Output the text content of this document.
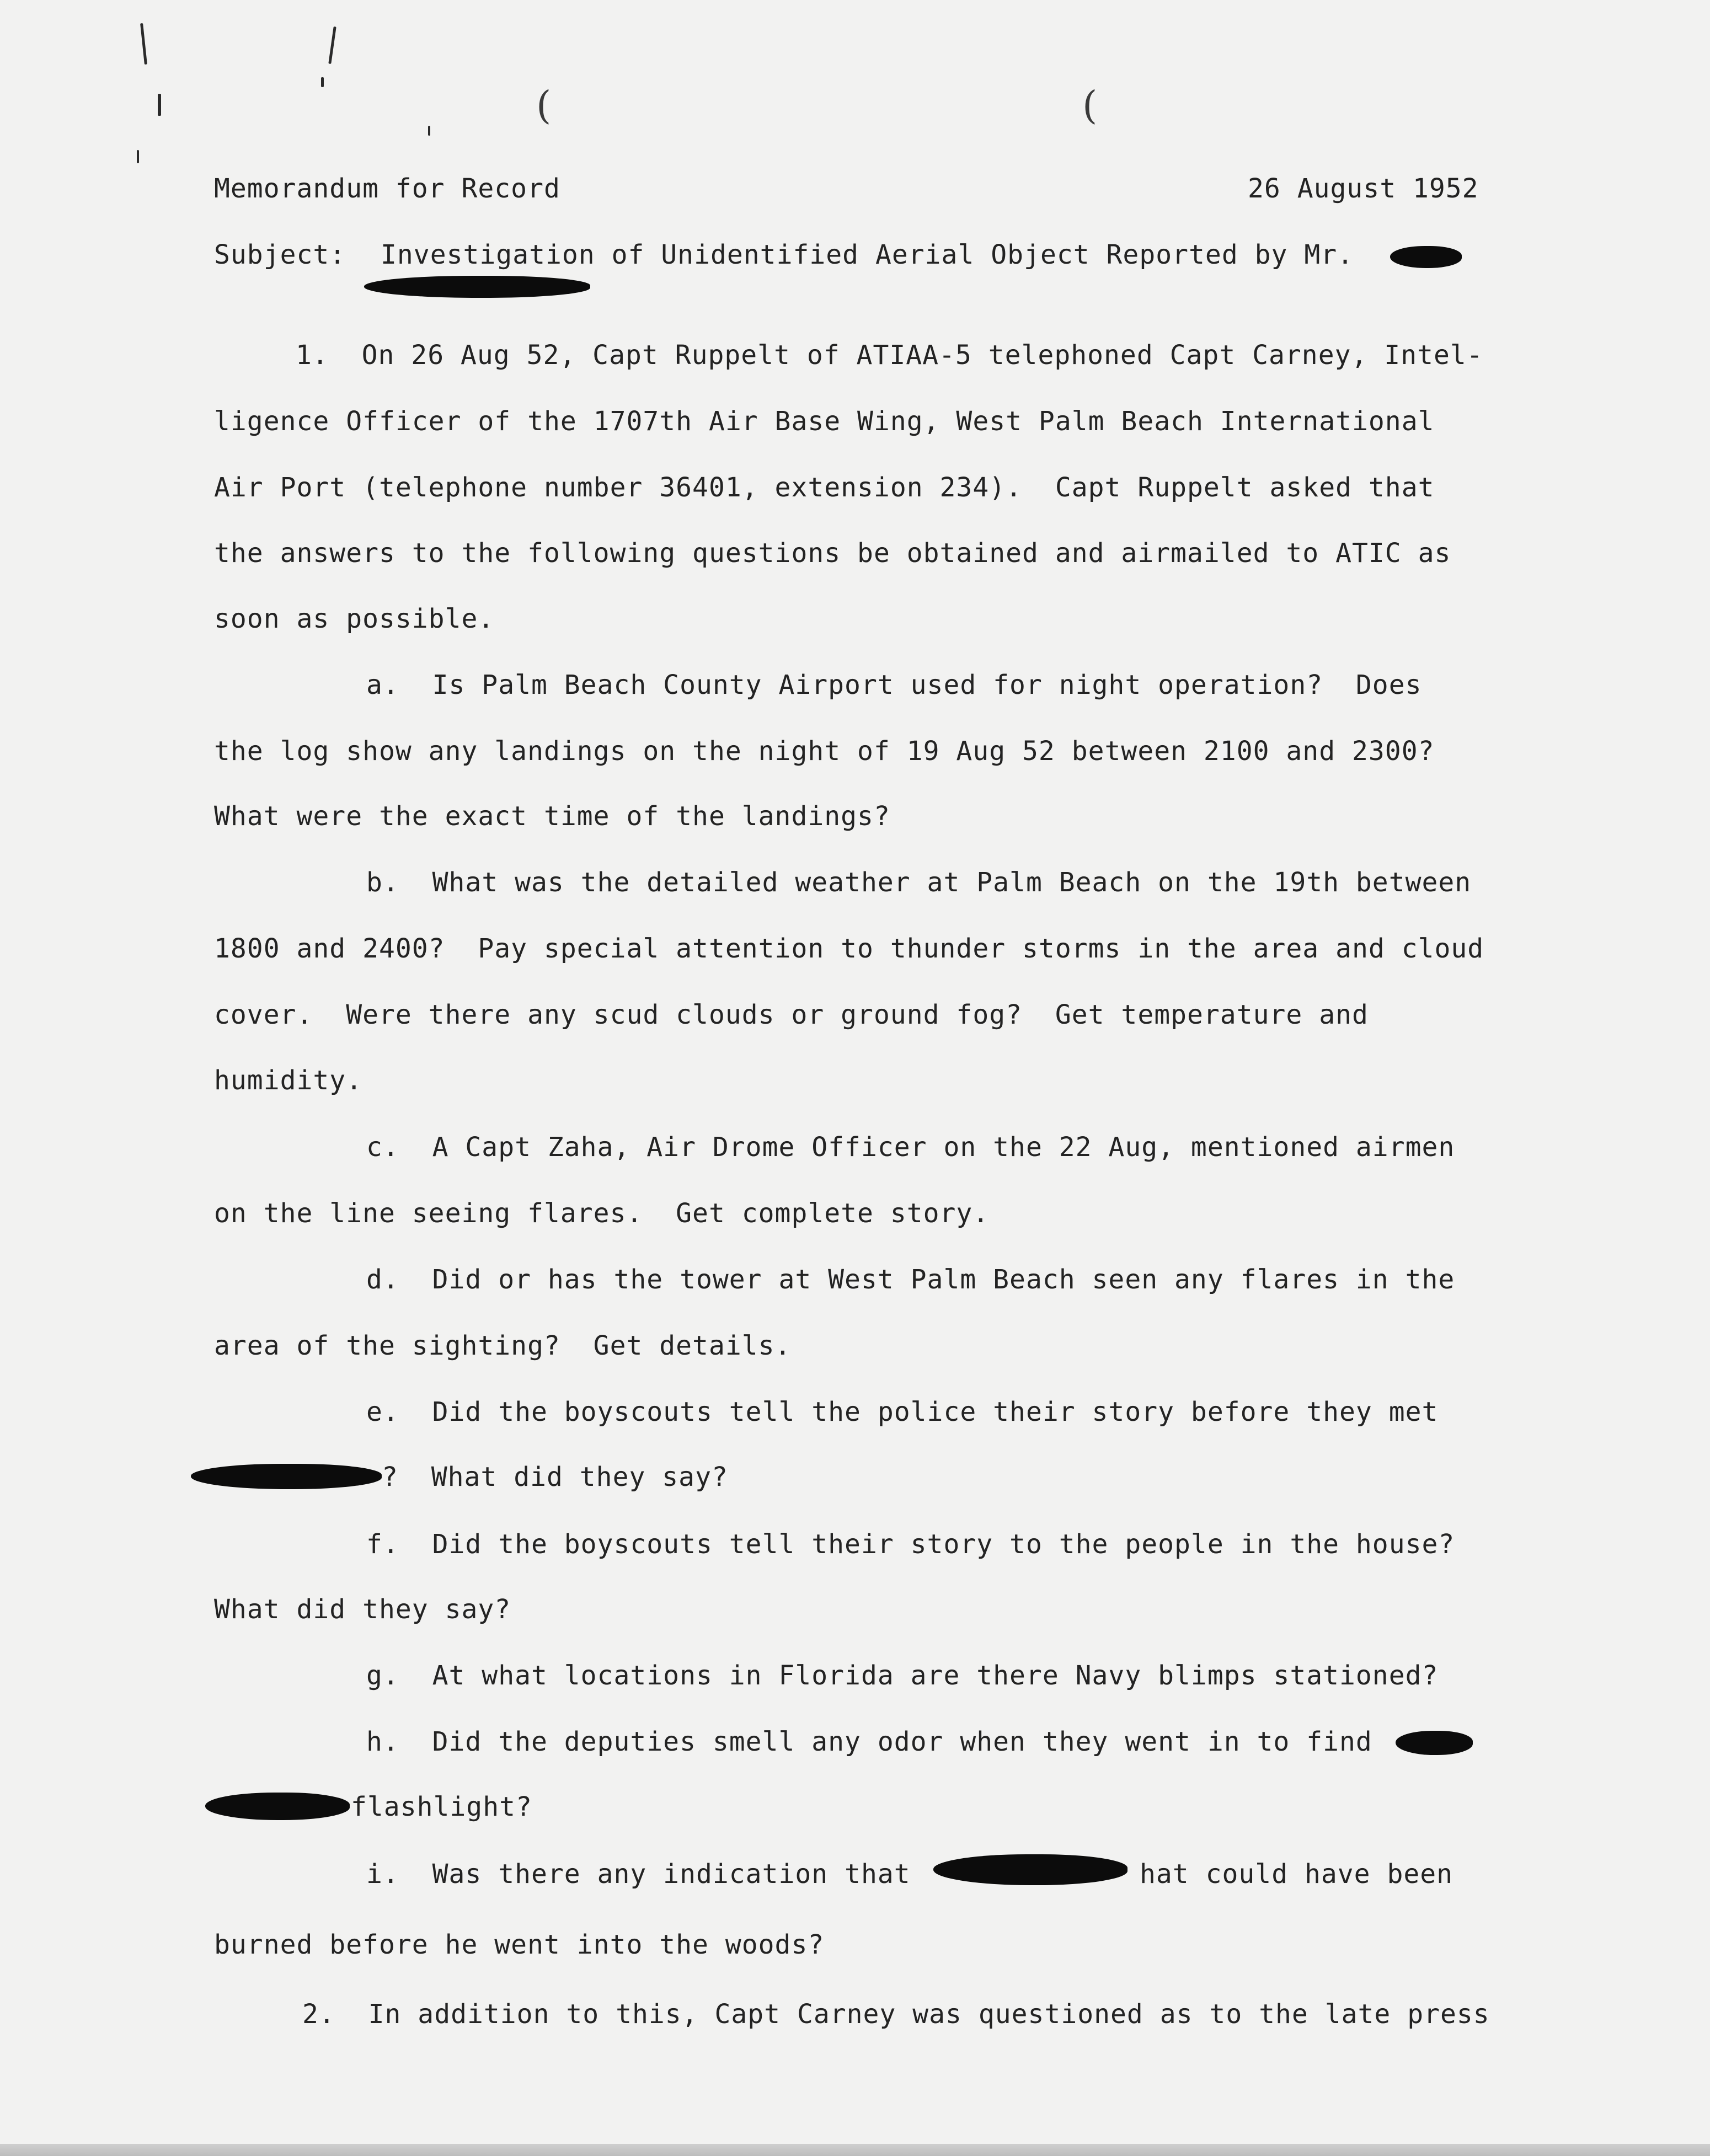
(	(
Memorandum for Record	26 August 1952
Subject: Investigation of Unidentified Aerial Object Reported by Mr.
1.  On 26 Aug 52, Capt Ruppelt of ATIAA-5 telephoned Capt Carney, Intel-
ligence Officer of the 1707th Air Base Wing, West Palm Beach International
Air Port (telephone number 36401, extension 234).  Capt Ruppelt asked that
the answers to the following questions be obtained and airmailed to ATIC as
soon as possible.
a.  Is Palm Beach County Airport used for night operation?  Does
the log show any landings on the night of 19 Aug 52 between 2100 and 2300?
What were the exact time of the landings?
b.  What was the detailed weather at Palm Beach on the 19th between
1800 and 2400?  Pay special attention to thunder storms in the area and cloud
cover.  Were there any scud clouds or ground fog?  Get temperature and
humidity.
c.  A Capt Zaha, Air Drome Officer on the 22 Aug, mentioned airmen
on the line seeing flares.  Get complete story.
d.  Did or has the tower at West Palm Beach seen any flares in the
area of the sighting?  Get details.
e.  Did the boyscouts tell the police their story before they met
?  What did they say?
f.  Did the boyscouts tell their story to the people in the house?
What did they say?
g.  At what locations in Florida are there Navy blimps stationed?
h.  Did the deputies smell any odor when they went in to find
flashlight?
i.  Was there any indication that	hat could have been
burned before he went into the woods?
2.  In addition to this, Capt Carney was questioned as to the late press
